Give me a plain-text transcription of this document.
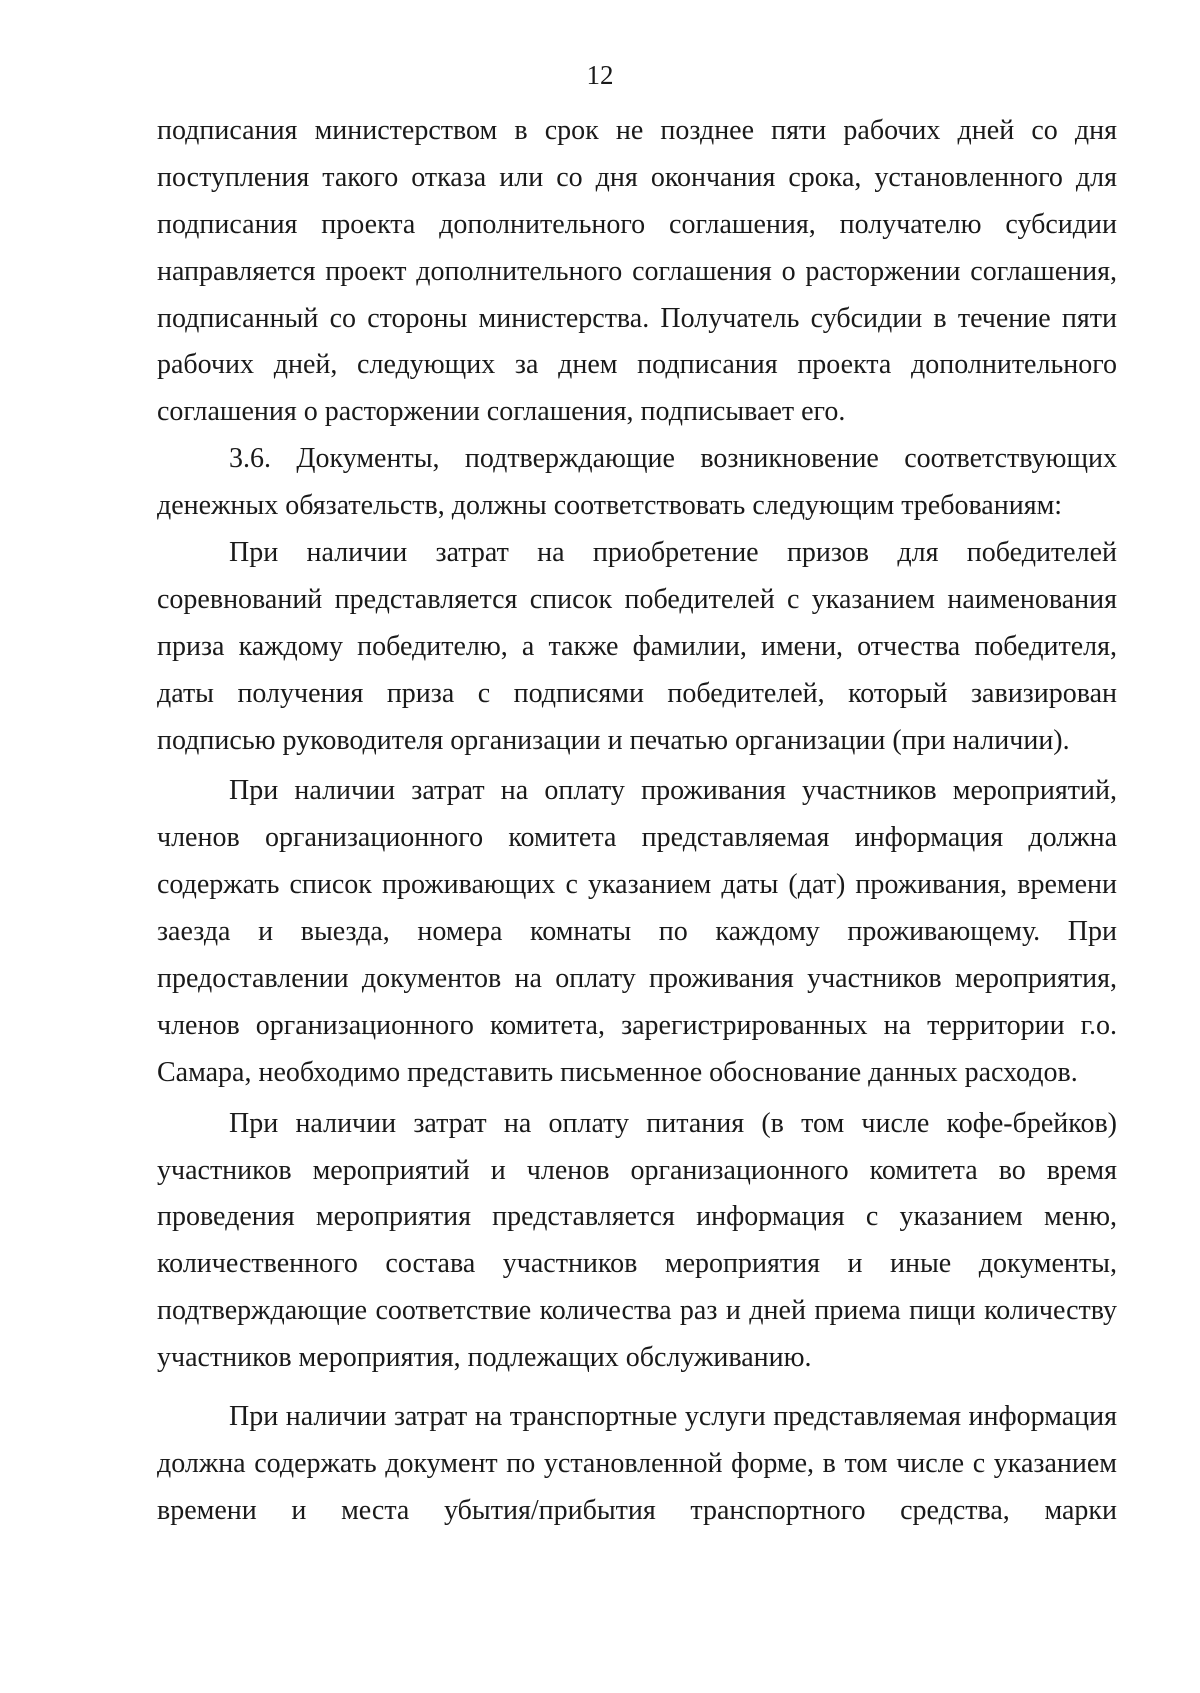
12
подписания министерством в срок не позднее пяти рабочих дней со дня
поступления такого отказа или со дня окончания срока, установленного для
подписания проекта дополнительного соглашения, получателю субсидии
направляется проект дополнительного соглашения о расторжении соглашения,
подписанный со стороны министерства. Получатель субсидии в течение пяти
рабочих дней, следующих за днем подписания проекта дополнительного
соглашения о расторжении соглашения, подписывает его.
3.6. Документы, подтверждающие возникновение соответствующих
денежных обязательств, должны соответствовать следующим требованиям:
При наличии затрат на приобретение призов для победителей
соревнований представляется список победителей с указанием наименования
приза каждому победителю, а также фамилии, имени, отчества победителя,
даты получения приза с подписями победителей, который завизирован
подписью руководителя организации и печатью организации (при наличии).
При наличии затрат на оплату проживания участников мероприятий,
членов организационного комитета представляемая информация должна
содержать список проживающих с указанием даты (дат) проживания, времени
заезда и выезда, номера комнаты по каждому проживающему. При
предоставлении документов на оплату проживания участников мероприятия,
членов организационного комитета, зарегистрированных на территории г.о.
Самара, необходимо представить письменное обоснование данных расходов.
При наличии затрат на оплату питания (в том числе кофе-брейков)
участников мероприятий и членов организационного комитета во время
проведения мероприятия представляется информация с указанием меню,
количественного состава участников мероприятия и иные документы,
подтверждающие соответствие количества раз и дней приема пищи количеству
участников мероприятия, подлежащих обслуживанию.
При наличии затрат на транспортные услуги представляемая информация
должна содержать документ по установленной форме, в том числе с указанием
времени и места убытия/прибытия транспортного средства, марки
